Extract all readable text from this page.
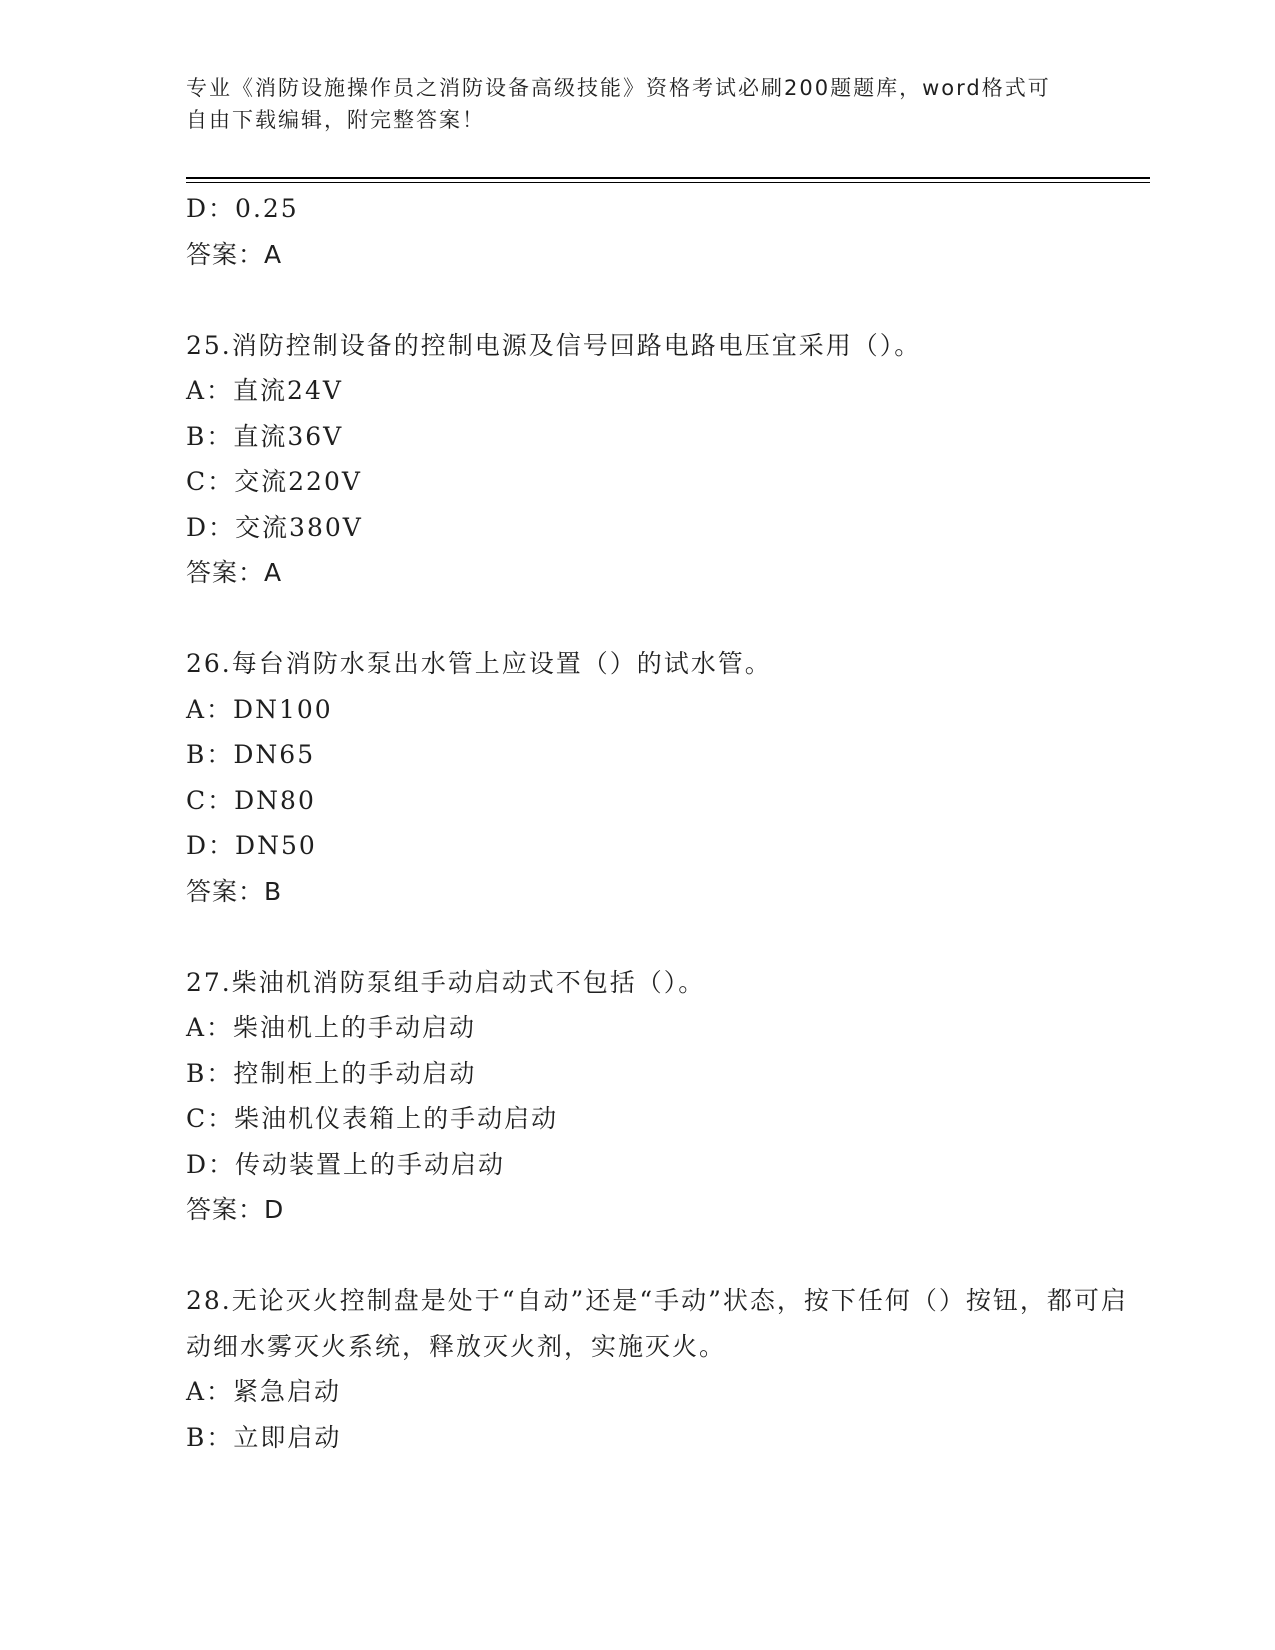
专业《消防设施操作员之消防设备高级技能》资格考试必刷200题题库，word格式可自由下载编辑，附完整答案！
D：0.25
答案：A
25.消防控制设备的控制电源及信号回路电路电压宜采用（）。
A：直流24V
B：直流36V
C：交流220V
D：交流380V
答案：A
26.每台消防水泵出水管上应设置（）的试水管。
A：DN100
B：DN65
C：DN80
D：DN50
答案：B
27.柴油机消防泵组手动启动式不包括（）。
A：柴油机上的手动启动
B：控制柜上的手动启动
C：柴油机仪表箱上的手动启动
D：传动装置上的手动启动
答案：D
28.无论灭火控制盘是处于“自动”还是“手动”状态，按下任何（）按钮，都可启动细水雾灭火系统，释放灭火剂，实施灭火。
A：紧急启动
B：立即启动
